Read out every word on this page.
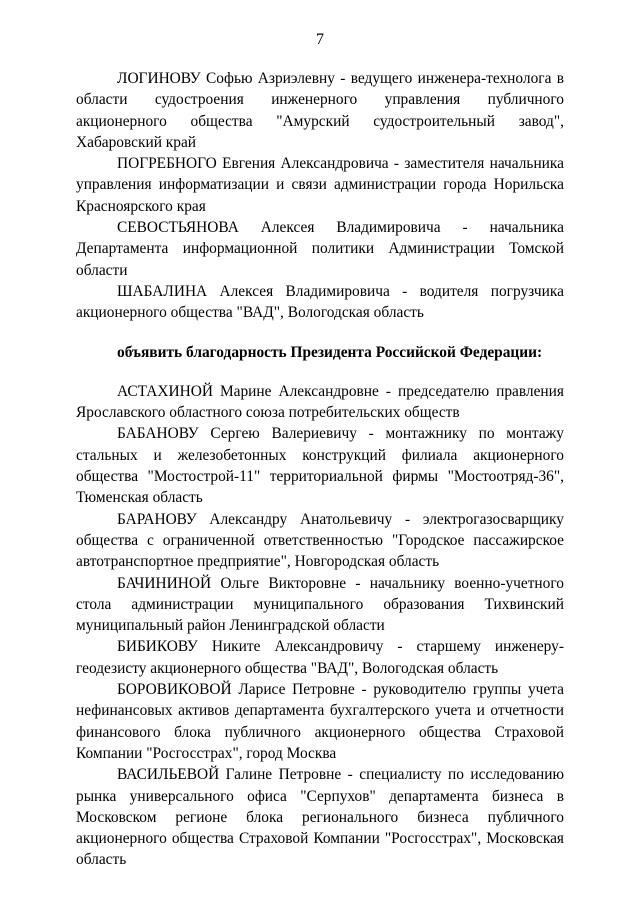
7

ЛОГИНОВУ Софью Азриэлевну - ведущего инженера-технолога в области судостроения инженерного управления публичного акционерного общества "Амурский судостроительный завод", Хабаровский край

ПОГРЕБНОГО Евгения Александровича - заместителя начальника управления информатизации и связи администрации города Норильска Красноярского края

СЕВОСТЬЯНОВА Алексея Владимировича - начальника Департамента информационной политики Администрации Томской области

ШАБАЛИНА Алексея Владимировича - водителя погрузчика акционерного общества "ВАД", Вологодская область

объявить благодарность Президента Российской Федерации:

АСТАХИНОЙ Марине Александровне - председателю правления Ярославского областного союза потребительских обществ

БАБАНОВУ Сергею Валериевичу - монтажнику по монтажу стальных и железобетонных конструкций филиала акционерного общества "Мостострой-11" территориальной фирмы "Мостоотряд-36", Тюменская область

БАРАНОВУ Александру Анатольевичу - электрогазосварщику общества с ограниченной ответственностью "Городское пассажирское автотранспортное предприятие", Новгородская область

БАЧИНИНОЙ Ольге Викторовне - начальнику военно-учетного стола администрации муниципального образования Тихвинский муниципальный район Ленинградской области

БИБИКОВУ Никите Александровичу - старшему инженеру-геодезисту акционерного общества "ВАД", Вологодская область

БОРОВИКОВОЙ Ларисе Петровне - руководителю группы учета нефинансовых активов департамента бухгалтерского учета и отчетности финансового блока публичного акционерного общества Страховой Компании "Росгосстрах", город Москва

ВАСИЛЬЕВОЙ Галине Петровне - специалисту по исследованию рынка универсального офиса "Серпухов" департамента бизнеса в Московском регионе блока регионального бизнеса публичного акционерного общества Страховой Компании "Росгосстрах", Московская область
